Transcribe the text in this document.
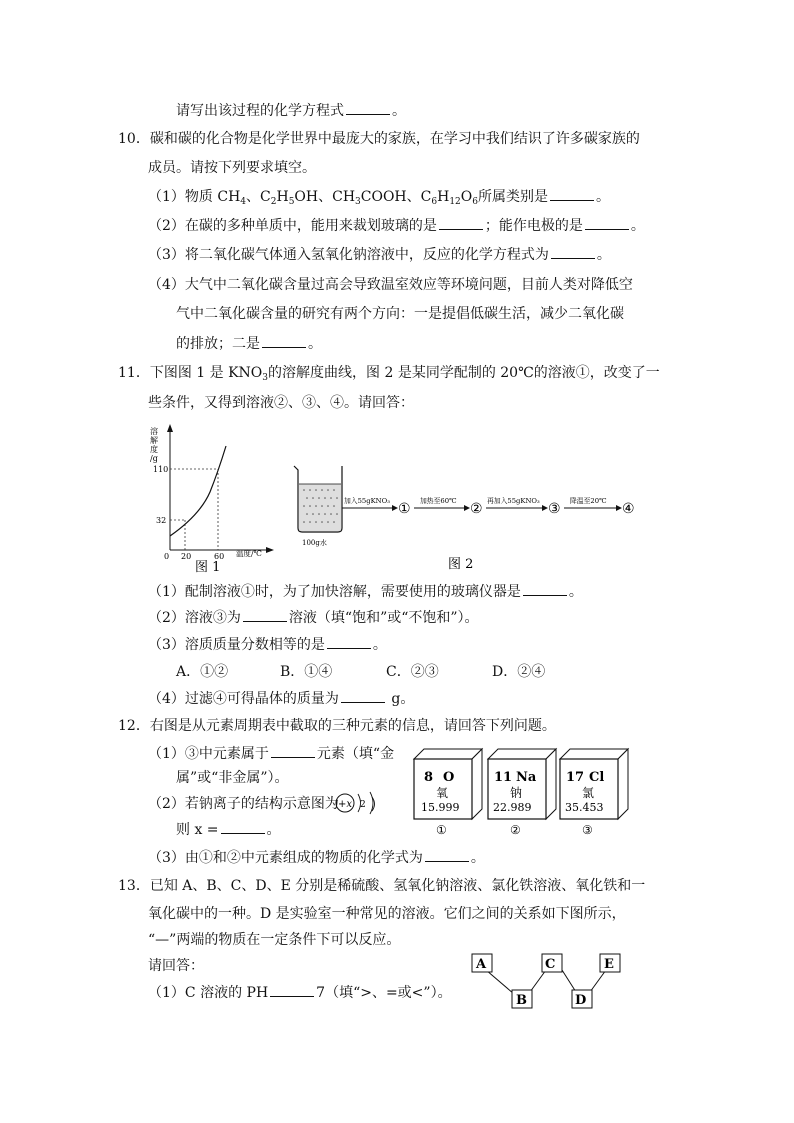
请写出该过程的化学方程式	。
10．碳和碳的化合物是化学世界中最庞大的家族，在学习中我们结识了许多碳家族的
成员。请按下列要求填空。
（1）物质 $CH_4$、$C_2H_5OH$、$CH_3COOH$、$C_6H_{12}O_6$所属类别是	。
（2）在碳的多种单质中，能用来裁划玻璃的是	；能作电极的是	。
（3）将二氧化碳气体通入氢氧化钠溶液中，反应的化学方程式为	。
（4）大气中二氧化碳含量过高会导致温室效应等环境问题，目前人类对降低空
气中二氧化碳含量的研究有两个方向：一是提倡低碳生活，减少二氧化碳
的排放；二是	。
11．下图图 1 是 $KNO_3$的溶解度曲线，图 2 是某同学配制的 20℃的溶液①，改变了一
些条件，又得到溶液②、③、④。请回答：
溶
解
度
/g
110
32
0 20	60 温度/℃
图 1
100g水
加入55gKNO₃ ① 加热至60℃ ② 再加入55gKNO₃ ③ 降温至20℃ ④
图 2
（1）配制溶液①时，为了加快溶解，需要使用的玻璃仪器是	。
（2）溶液③为	溶液（填“饱和”或“不饱和”）。
（3）溶质质量分数相等的是	。
A．①②	B．①④	C．②③	D．②④
（4）过滤④可得晶体的质量为	g。
12．右图是从元素周期表中截取的三种元素的信息，请回答下列问题。
（1）③中元素属于	元素（填“金
属”或“非金属”）。
（2）若钠离子的结构示意图为 +x 2
则 x =	。
（3）由①和②中元素组成的物质的化学式为	。
8 O
氧
15.999
①
11 Na
钠
22.989
②
17 Cl
氯
35.453
③
13．已知 A、B、C、D、E 分别是稀硫酸、氢氧化钠溶液、氯化铁溶液、氧化铁和一
氧化碳中的一种。D 是实验室一种常见的溶液。它们之间的关系如下图所示，
“—”两端的物质在一定条件下可以反应。
请回答：
（1）C 溶液的 PH	7（填“>、=或<”）。
A
B
C
D
E
